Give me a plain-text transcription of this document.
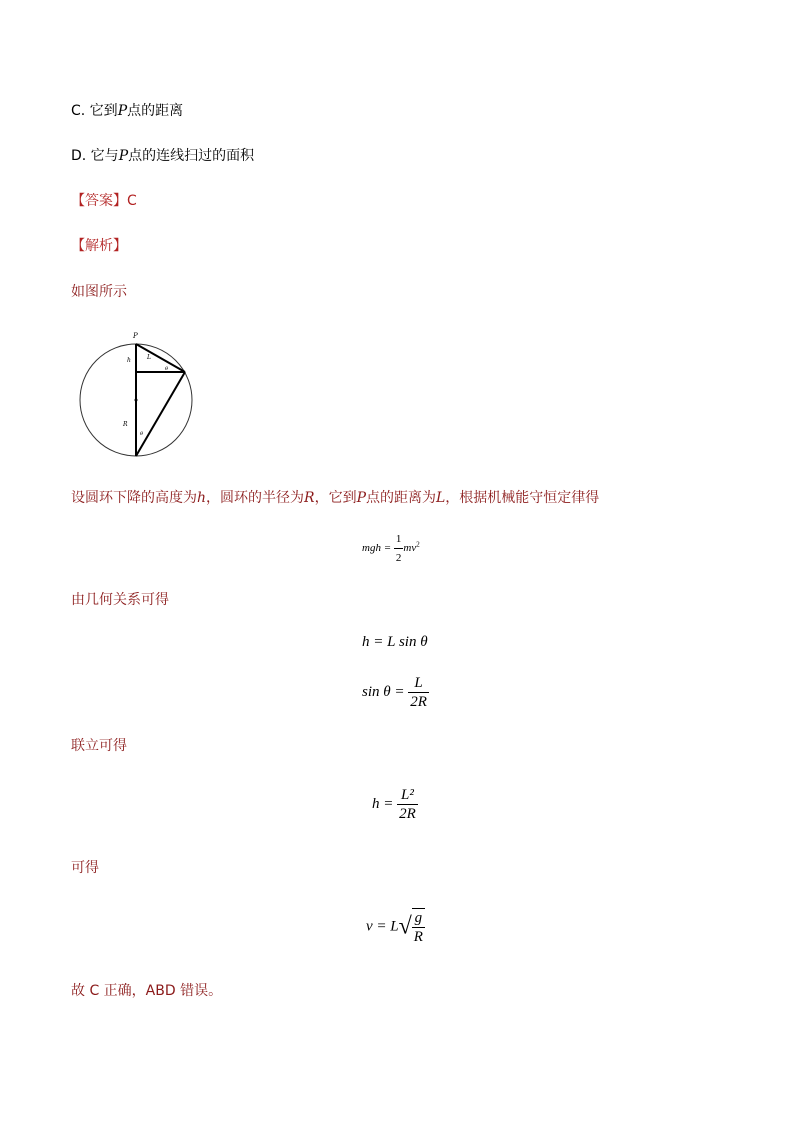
C. 它到P点的距离
D. 它与P点的连线扫过的面积
【答案】C
【解析】
如图所示
P
h	L
θ
R
θ
设圆环下降的高度为h，圆环的半径为R，它到P点的距离为L，根据机械能守恒定律得
mgh = $\frac{1}{2} mv^2$
由几何关系可得
h = L sin θ
$\sin \theta = \frac{L}{2R}$
联立可得
$h = \frac{\text{L²}}{2R}$
可得
$v = L√ \frac{g}{R}$
故 C 正确，ABD 错误。
